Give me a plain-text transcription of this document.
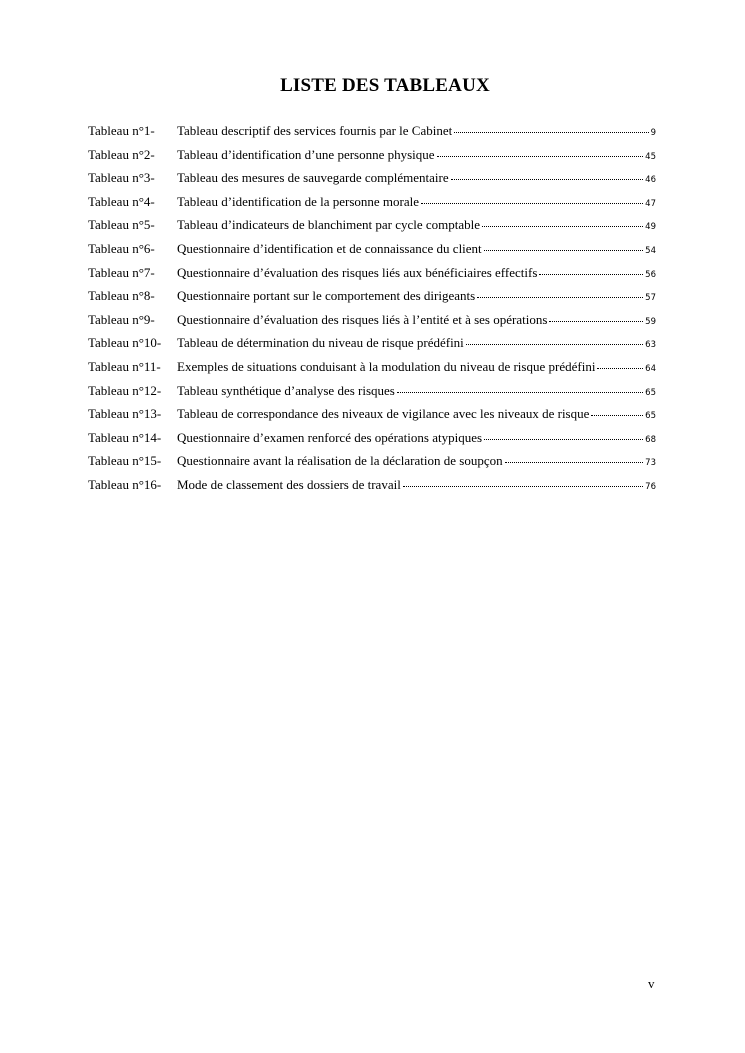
LISTE DES TABLEAUX
Tableau n°1-	Tableau descriptif des services fournis par le Cabinet	9
Tableau n°2-	Tableau d’identification d’une personne physique	45
Tableau n°3-	Tableau des mesures de sauvegarde complémentaire	46
Tableau n°4-	Tableau d’identification de la personne morale	47
Tableau n°5-	Tableau d’indicateurs de blanchiment par cycle comptable	49
Tableau n°6-	Questionnaire d’identification et de connaissance du client	54
Tableau n°7-	Questionnaire d’évaluation des risques liés aux bénéficiaires effectifs	56
Tableau n°8-	Questionnaire portant sur le comportement des dirigeants	57
Tableau n°9-	Questionnaire d’évaluation des risques liés à l’entité et à ses opérations	59
Tableau n°10-	Tableau de détermination du niveau de risque prédéfini	63
Tableau n°11-	Exemples de situations conduisant à la modulation du niveau de risque prédéfini	64
Tableau n°12-	Tableau synthétique d’analyse des risques	65
Tableau n°13-	Tableau de correspondance des niveaux de vigilance avec les niveaux de risque	65
Tableau n°14-	Questionnaire d’examen renforcé des opérations atypiques	68
Tableau n°15-	Questionnaire avant la réalisation de la déclaration de soupçon	73
Tableau n°16-	Mode de classement des dossiers de travail	76
v
